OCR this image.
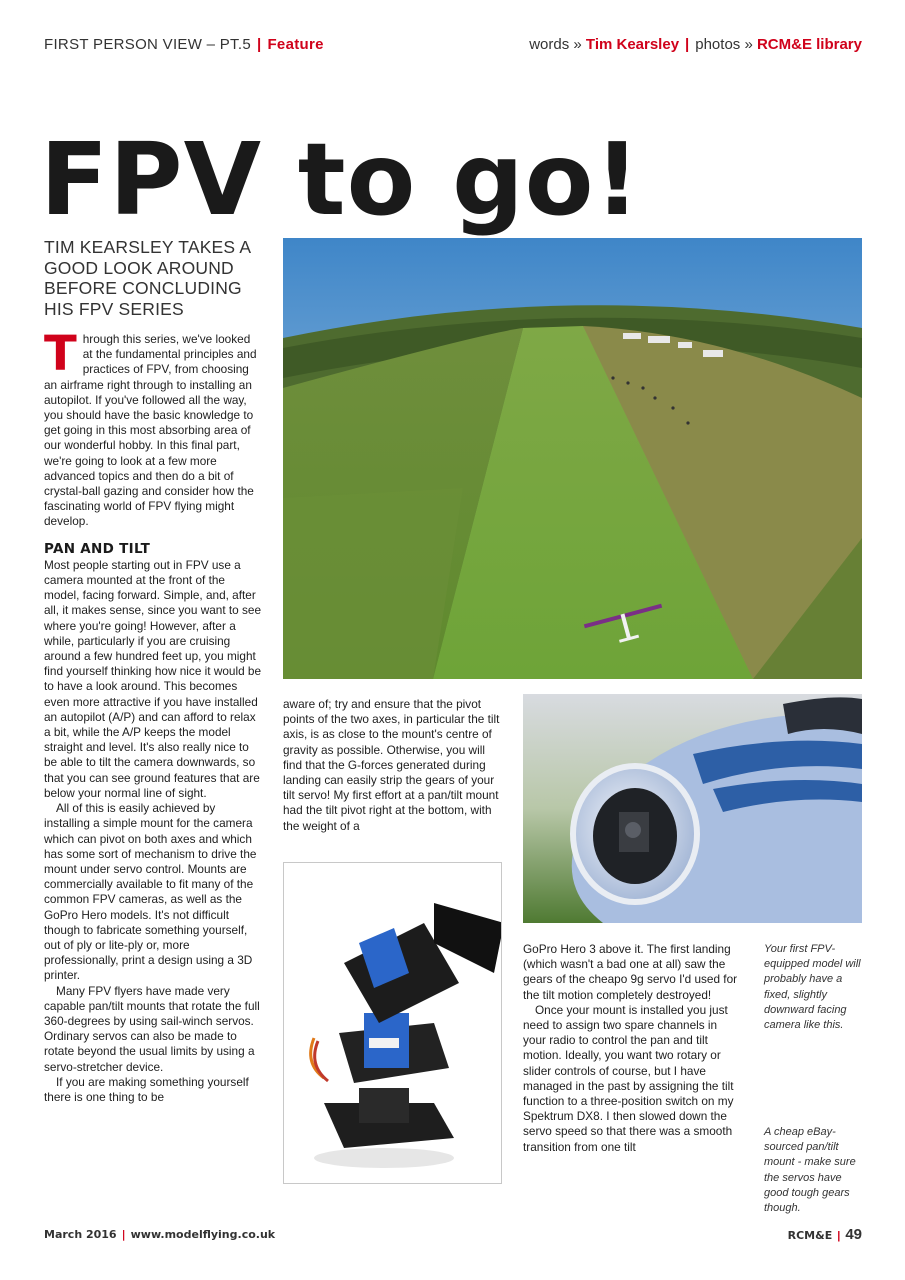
FIRST PERSON VIEW – PT.5 | Feature	words » Tim Kearsley | photos » RCM&E library
FPV to go!
TIM KEARSLEY TAKES A GOOD LOOK AROUND BEFORE CONCLUDING HIS FPV SERIES

Through this series, we've looked at the fundamental principles and practices of FPV, from choosing an airframe right through to installing an autopilot. If you've followed all the way, you should have the basic knowledge to get going in this most absorbing area of our wonderful hobby. In this final part, we're going to look at a few more advanced topics and then do a bit of crystal-ball gazing and consider how the fascinating world of FPV flying might develop.

PAN AND TILT

Most people starting out in FPV use a camera mounted at the front of the model, facing forward. Simple, and, after all, it makes sense, since you want to see where you're going! However, after a while, particularly if you are cruising around a few hundred feet up, you might find yourself thinking how nice it would be to have a look around. This becomes even more attractive if you have installed an autopilot (A/P) and can afford to relax a bit, while the A/P keeps the model straight and level. It's also really nice to be able to tilt the camera downwards, so that you can see ground features that are below your normal line of sight.

All of this is easily achieved by installing a simple mount for the camera which can pivot on both axes and which has some sort of mechanism to drive the mount under servo control. Mounts are commercially available to fit many of the common FPV cameras, as well as the GoPro Hero models. It's not difficult though to fabricate something yourself, out of ply or lite-ply or, more professionally, print a design using a 3D printer.

Many FPV flyers have made very capable pan/tilt mounts that rotate the full 360-degrees by using sail-winch servos. Ordinary servos can also be made to rotate beyond the usual limits by using a servo-stretcher device.

If you are making something yourself there is one thing to be

aware of; try and ensure that the pivot points of the two axes, in particular the tilt axis, is as close to the mount's centre of gravity as possible. Otherwise, you will find that the G-forces generated during landing can easily strip the gears of your tilt servo! My first effort at a pan/tilt mount had the tilt pivot right at the bottom, with the weight of a

GoPro Hero 3 above it. The first landing (which wasn't a bad one at all) saw the gears of the cheapo 9g servo I'd used for the tilt motion completely destroyed!

Once your mount is installed you just need to assign two spare channels in your radio to control the pan and tilt motion. Ideally, you want two rotary or slider controls of course, but I have managed in the past by assigning the tilt function to a three-position switch on my Spektrum DX8. I then slowed down the servo speed so that there was a smooth transition from one tilt

Your first FPV-equipped model will probably have a fixed, slightly downward facing camera like this.
A cheap eBay-sourced pan/tilt mount - make sure the servos have good tough gears though.
March 2016 | www.modelflying.co.uk	RCM&E | 49
